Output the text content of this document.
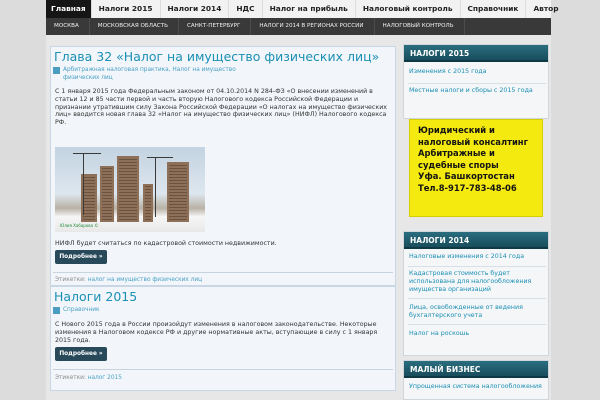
Главная	Налоги 2015	Налоги 2014	НДС	Налог на прибыль	Налоговый контроль	Справочник	Автор
МОСКВА	МОСКОВСКАЯ ОБЛАСТЬ	САНКТ-ПЕТЕРБУРГ	НАЛОГИ 2014 В РЕГИОНАХ РОССИИ	НАЛОГОВЫЙ КОНТРОЛЬ
Глава 32 «Налог на имущество физических лиц»
Арбитражная налоговая практика, Налог на имущество физических лиц
С 1 января 2015 года Федеральным законом от 04.10.2014 N 284-ФЗ «О внесении изменений в статьи 12 и 85 части первой и часть вторую Налогового кодекса Российской Федерации и признании утратившим силу Закона Российской Федерации «О налогах на имущество физических лиц» вводится новая глава 32 «Налог на имущество физических лиц» (НИФЛ) Налогового кодекса РФ.
Юлия Хабарова ©
НИФЛ будет считаться по кадастровой стоимости недвижимости.
Подробнее »
Этикетки: налог на имущество физических лиц
Налоги 2015
Справочник
С Нового 2015 года в России произойдут изменения в налоговом законодательстве. Некоторые изменения в Налоговом кодексе РФ и другие нормативные акты, вступающие в силу с 1 января 2015 года.
Подробнее »
Этикетки: налог 2015
НАЛОГИ 2015
Изменения с 2015 года
Местные налоги и сборы с 2015 года
Юридический и
налоговый консалтинг
Арбитражные и
судебные споры
Уфа. Башкортостан
Тел.8-917-783-48-06
НАЛОГИ 2014
Налоговые изменения с 2014 года
Кадастровая стоимость будет использована для налогообложения имущества организаций
Лица, освобожденные от ведения бухгалтерского учета
Налог на роскошь
МАЛЫЙ БИЗНЕС
Упрощенная система налогообложения
